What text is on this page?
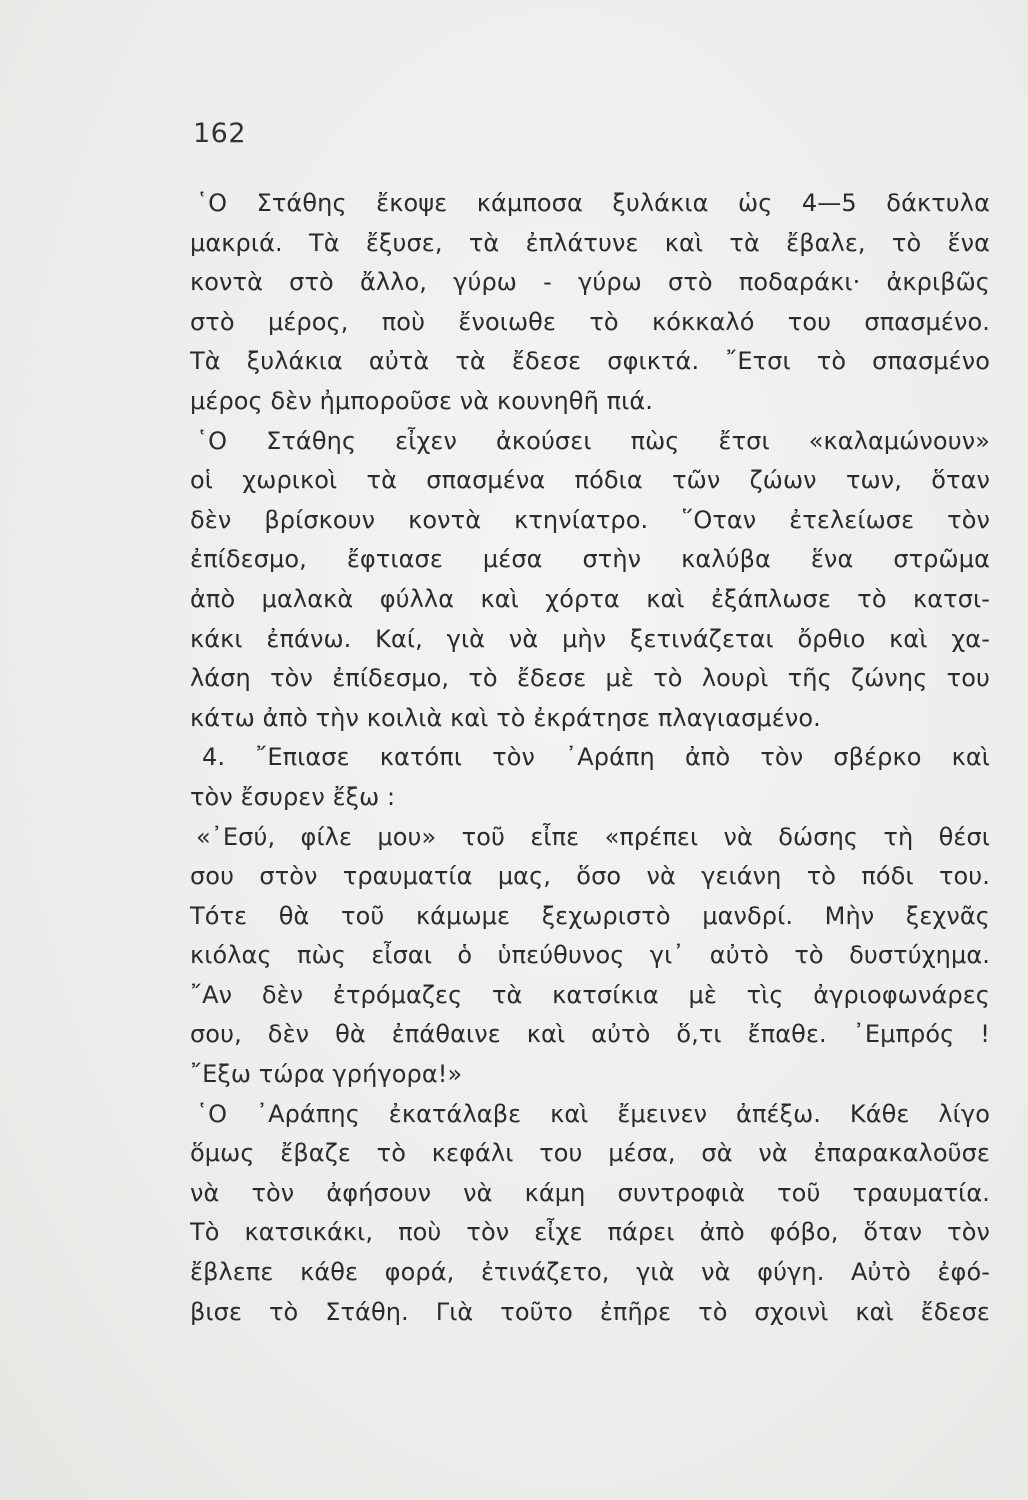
162
῾Ο Στάθης ἔκοψε κάμποσα ξυλάκια ὡς 4—5 δάκτυλα
μακριά. Τὰ ἔξυσε, τὰ ἐπλάτυνε καὶ τὰ ἔβαλε, τὸ ἕνα
κοντὰ στὸ ἄλλο, γύρω - γύρω στὸ ποδαράκι· ἀκριβῶς
στὸ μέρος, ποὺ ἔνοιωθε τὸ κόκκαλό του σπασμένο.
Τὰ ξυλάκια αὐτὰ τὰ ἔδεσε σφικτά. ῎Ετσι τὸ σπασμένο
μέρος δὲν ἠμποροῦσε νὰ κουνηθῆ πιά.
῾Ο Στάθης εἶχεν ἀκούσει πὼς ἔτσι «καλαμώνουν»
οἱ χωρικοὶ τὰ σπασμένα πόδια τῶν ζώων των, ὅταν
δὲν βρίσκουν κοντὰ κτηνίατρο. ῞Οταν ἐτελείωσε τὸν
ἐπίδεσμο, ἔφτιασε μέσα στὴν καλύβα ἕνα στρῶμα
ἀπὸ μαλακὰ φύλλα καὶ χόρτα καὶ ἐξάπλωσε τὸ κατσι-
κάκι ἐπάνω. Καί, γιὰ νὰ μὴν ξετινάζεται ὄρθιο καὶ χα-
λάση τὸν ἐπίδεσμο, τὸ ἔδεσε μὲ τὸ λουρὶ τῆς ζώνης του
κάτω ἀπὸ τὴν κοιλιὰ καὶ τὸ ἐκράτησε πλαγιασμένο.
4. ῎Επιασε κατόπι τὸν ᾿Αράπη ἀπὸ τὸν σβέρκο καὶ
τὸν ἔσυρεν ἔξω :
«᾿Εσύ, φίλε μου» τοῦ εἶπε «πρέπει νὰ δώσης τὴ θέσι
σου στὸν τραυματία μας, ὅσο νὰ γειάνη τὸ πόδι του.
Τότε θὰ τοῦ κάμωμε ξεχωριστὸ μανδρί. Μὴν ξεχνᾶς
κιόλας πὼς εἶσαι ὁ ὑπεύθυνος γι᾿ αὐτὸ τὸ δυστύχημα.
῎Αν δὲν ἐτρόμαζες τὰ κατσίκια μὲ τὶς ἀγριοφωνάρες
σου, δὲν θὰ ἐπάθαινε καὶ αὐτὸ ὅ,τι ἔπαθε. ᾿Εμπρός !
῎Εξω τώρα γρήγορα!»
῾Ο ᾿Αράπης ἐκατάλαβε καὶ ἔμεινεν ἀπέξω. Κάθε λίγο
ὅμως ἔβαζε τὸ κεφάλι του μέσα, σὰ νὰ ἐπαρακαλοῦσε
νὰ τὸν ἀφήσουν νὰ κάμη συντροφιὰ τοῦ τραυματία.
Τὸ κατσικάκι, ποὺ τὸν εἶχε πάρει ἀπὸ φόβο, ὅταν τὸν
ἔβλεπε κάθε φορά, ἐτινάζετο, γιὰ νὰ φύγη. Αὐτὸ ἐφό-
βισε τὸ Στάθη. Γιὰ τοῦτο ἐπῆρε τὸ σχοινὶ καὶ ἔδεσε
